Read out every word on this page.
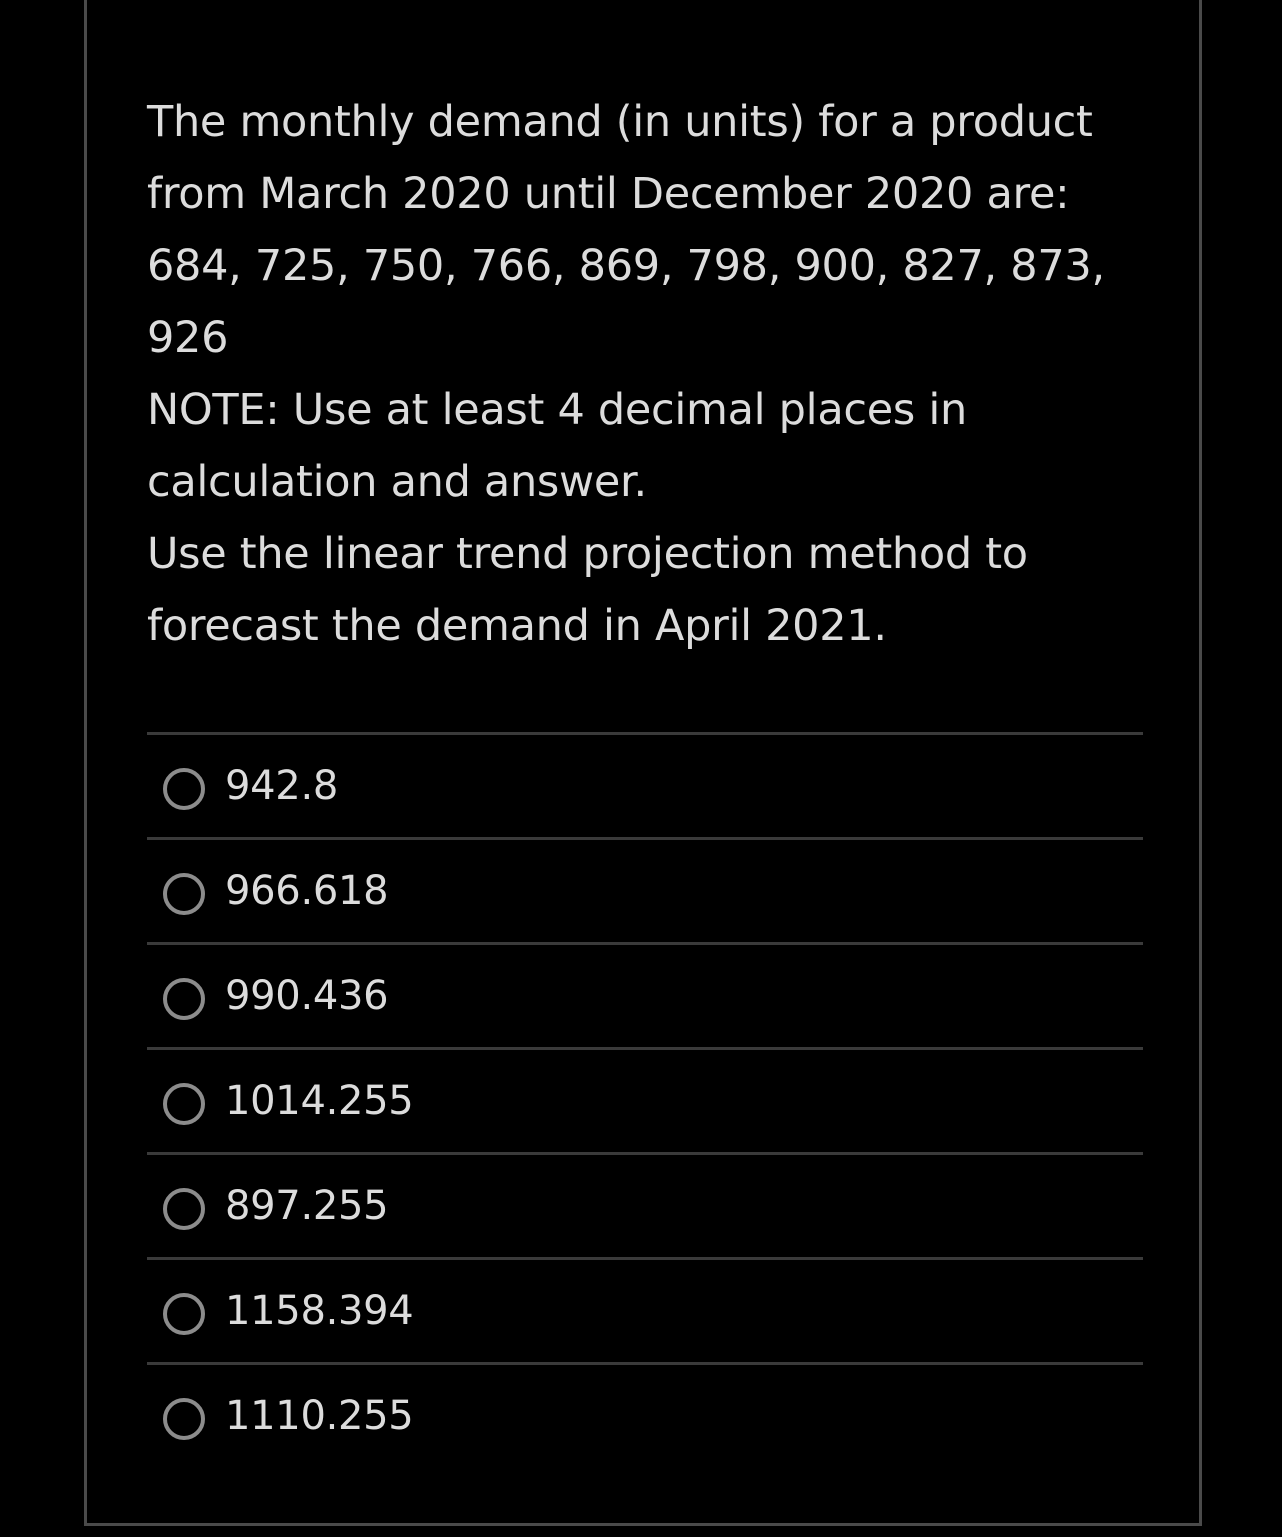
The monthly demand (in units) for a product from March 2020 until December 2020 are: 684, 725, 750, 766, 869, 798, 900, 827, 873, 926

NOTE: Use at least 4 decimal places in calculation and answer.

Use the linear trend projection method to forecast the demand in April 2021.

942.8
966.618
990.436
1014.255
897.255
1158.394
1110.255
